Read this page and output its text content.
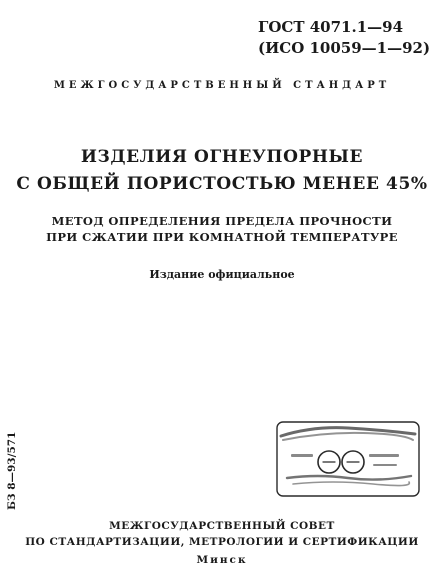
ГОСТ 4071.1—94
(ИСО 10059—1—92)
МЕЖГОСУДАРСТВЕННЫЙ СТАНДАРТ
ИЗДЕЛИЯ ОГНЕУПОРНЫЕ
С ОБЩЕЙ ПОРИСТОСТЬЮ МЕНЕЕ 45%
МЕТОД ОПРЕДЕЛЕНИЯ ПРЕДЕЛА ПРОЧНОСТИ
ПРИ СЖАТИИ ПРИ КОМНАТНОЙ ТЕМПЕРАТУРЕ
Издание официальное
БЗ 8—93/571
МЕЖГОСУДАРСТВЕННЫЙ СОВЕТ
ПО СТАНДАРТИЗАЦИИ, МЕТРОЛОГИИ И СЕРТИФИКАЦИИ
Минск
